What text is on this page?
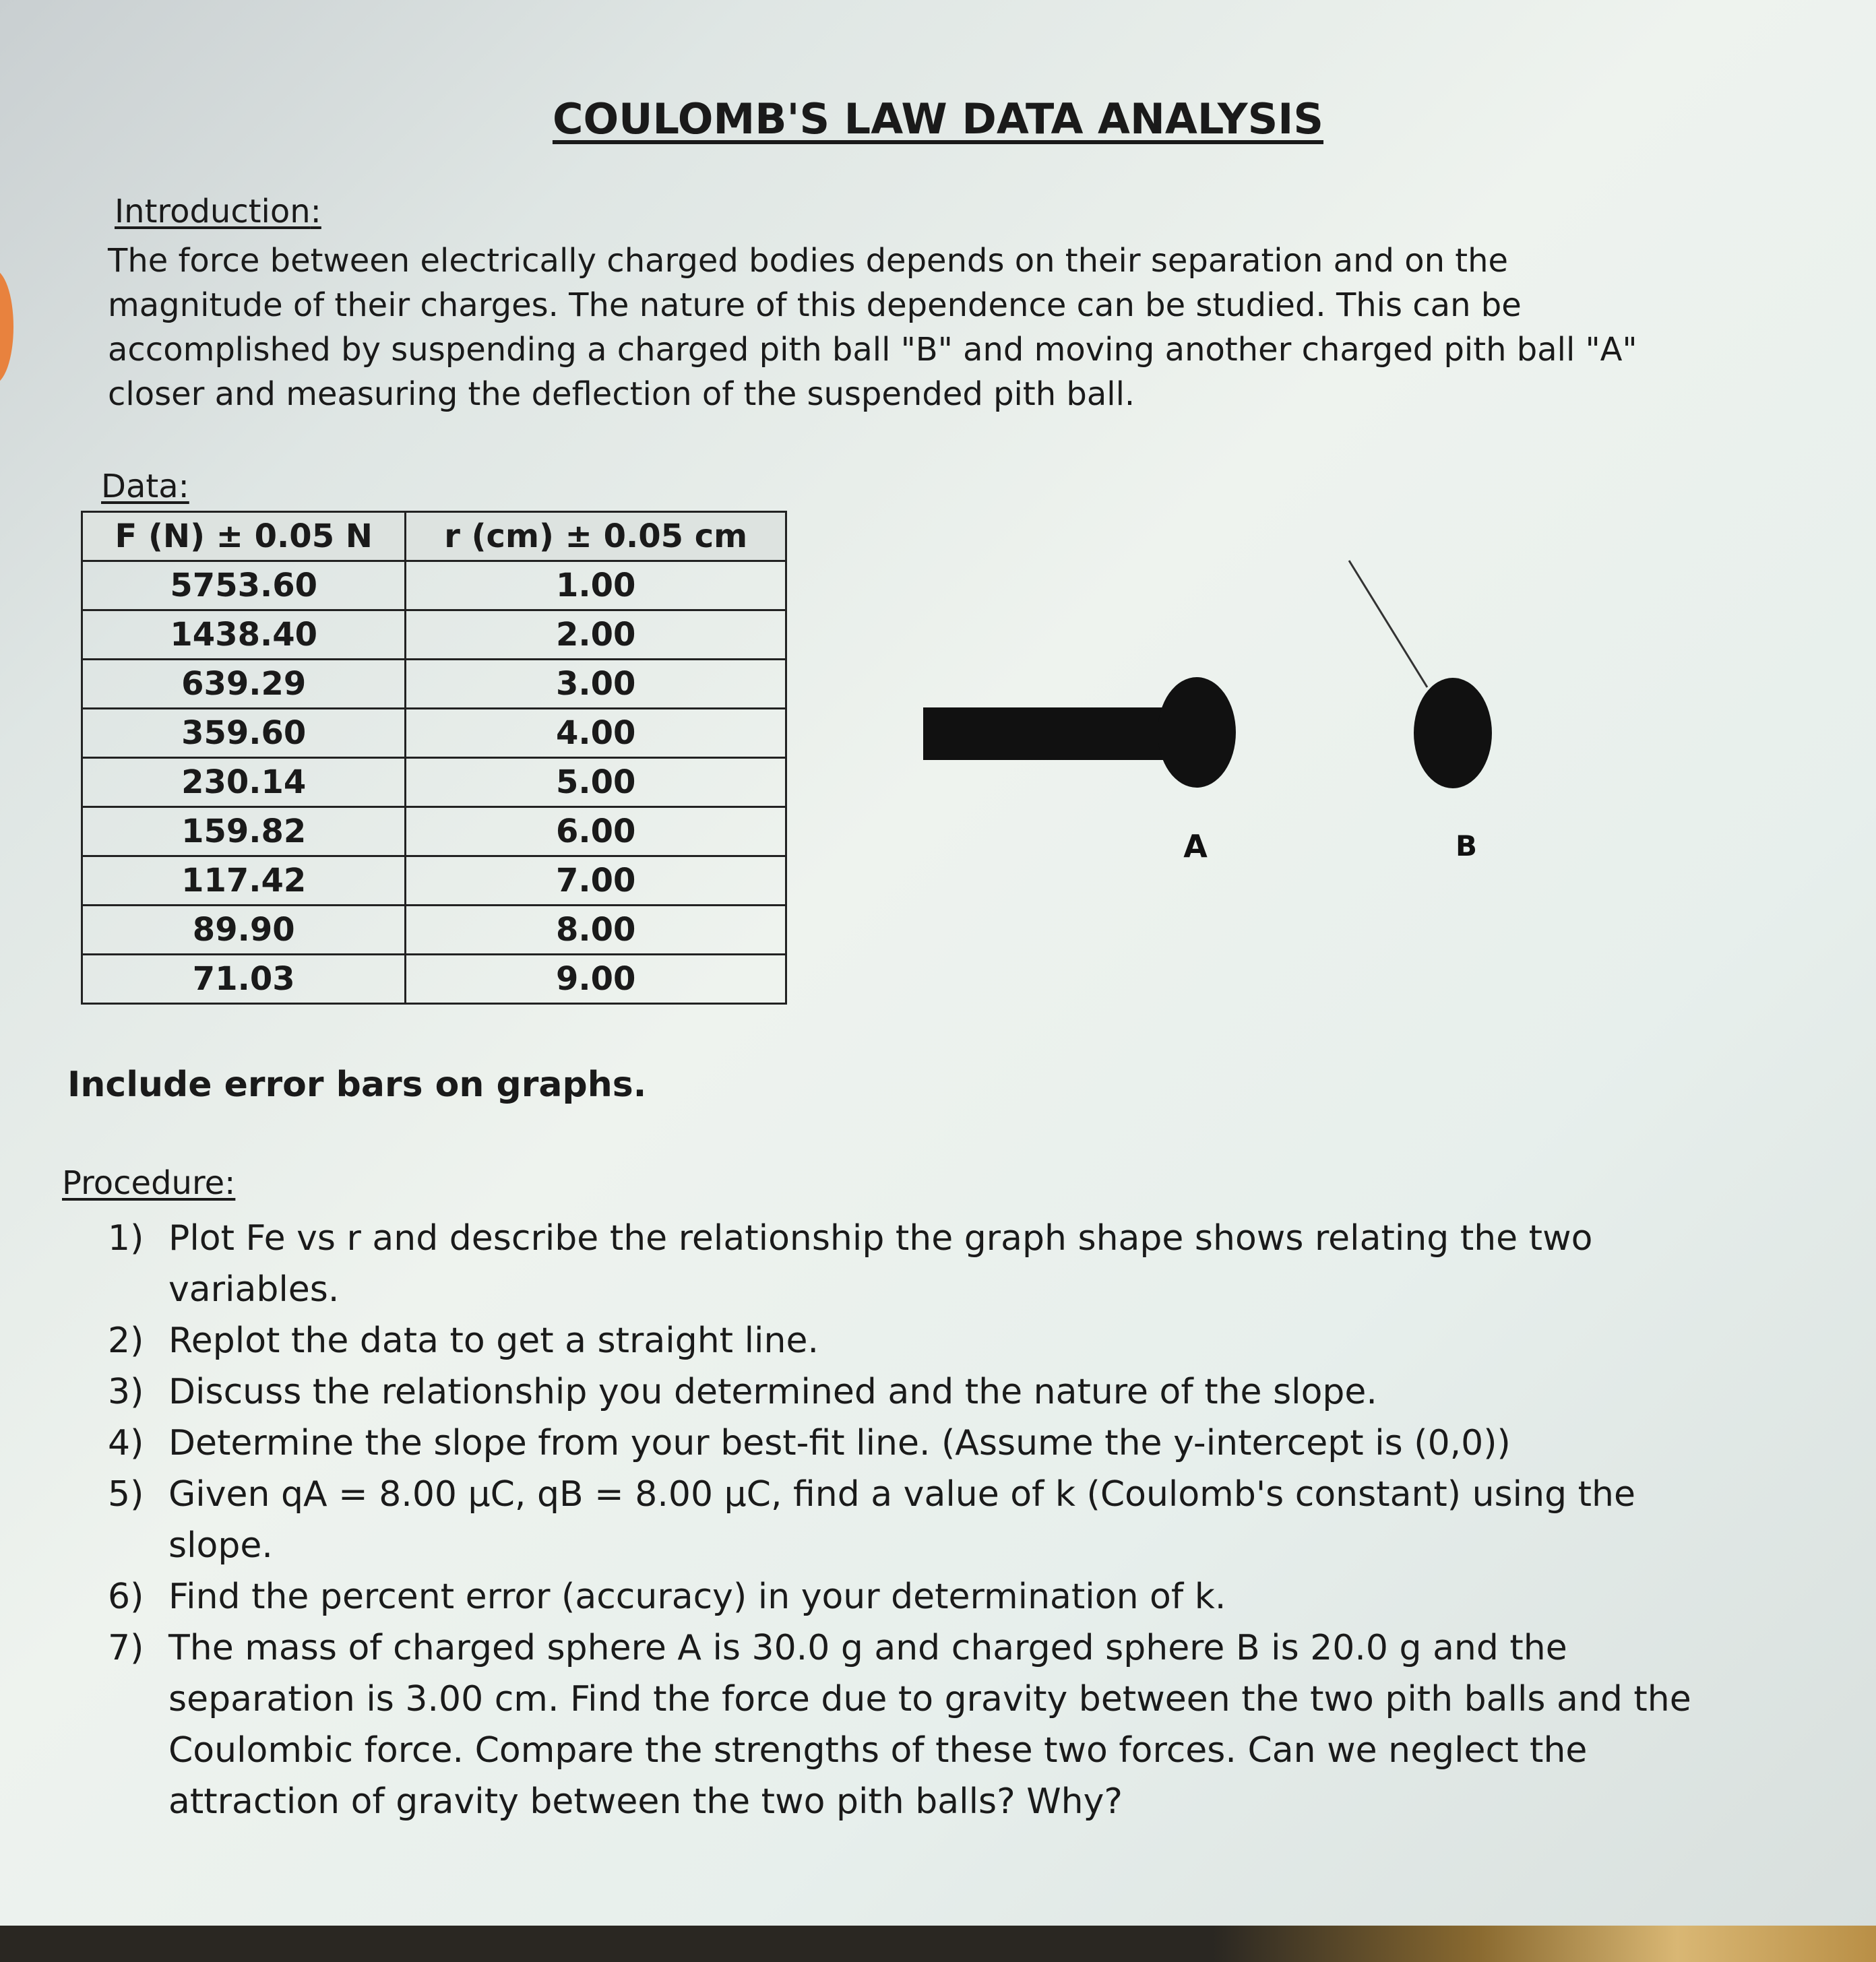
COULOMB'S LAW DATA ANALYSIS
Introduction:
The force between electrically charged bodies depends on their separation and on the magnitude of their charges. The nature of this dependence can be studied. This can be accomplished by suspending a charged pith ball "B" and moving another charged pith ball "A" closer and measuring the deflection of the suspended pith ball.
Data:
F (N) ± 0.05 N	r (cm) ± 0.05 cm
5753.60	1.00
1438.40	2.00
639.29	3.00
359.60	4.00
230.14	5.00
159.82	6.00
117.42	7.00
89.90	8.00
71.03	9.00
A	B
Include error bars on graphs.
Procedure:
1) Plot Fe vs r and describe the relationship the graph shape shows relating the two variables.
2) Replot the data to get a straight line.
3) Discuss the relationship you determined and the nature of the slope.
4) Determine the slope from your best-fit line. (Assume the y-intercept is (0,0))
5) Given qA = 8.00 µC, qB = 8.00 µC, find a value of k (Coulomb's constant) using the slope.
6) Find the percent error (accuracy) in your determination of k.
7) The mass of charged sphere A is 30.0 g and charged sphere B is 20.0 g and the separation is 3.00 cm. Find the force due to gravity between the two pith balls and the Coulombic force. Compare the strengths of these two forces. Can we neglect the attraction of gravity between the two pith balls? Why?
